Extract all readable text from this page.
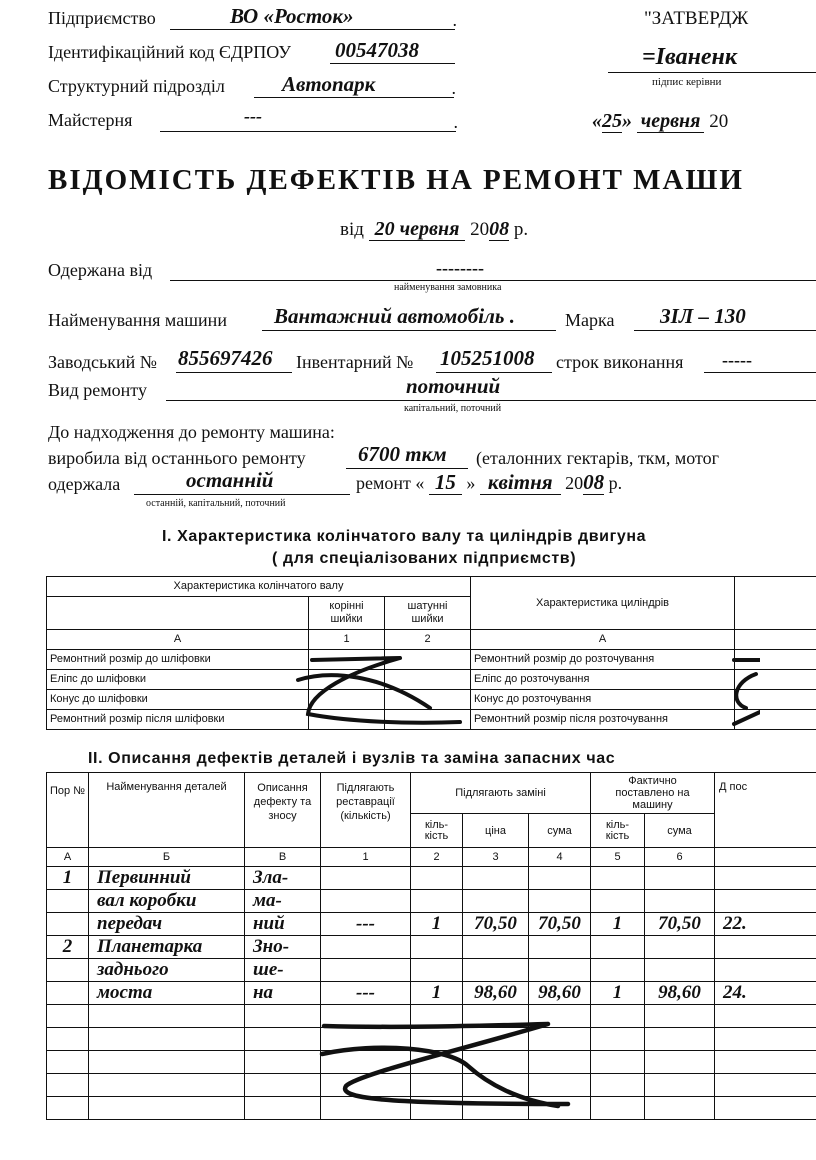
Підприємство	ВО «Росток»	.
Ідентифікаційний код ЄДРПОУ 00547038
Структурний підрозділ	Автопарк	.
Майстерня	---	.
"ЗАТВЕРДЖ
=Іваненк
підпис керівни
«25» червня 20
ВІДОМІСТЬ ДЕФЕКТІВ НА РЕМОНТ МАШИ
від 20 червня 2008 р.
Одержана від	--------
найменування замовника
Найменування машини Вантажний автомобіль .	Марка ЗІЛ – 130
Заводський № 855697426 Інвентарний № 105251008 строк виконання -----
Вид ремонту	поточний
капітальний, поточний
До надходження до ремонту машина:
виробила від останнього ремонту 6700 ткм (еталонних гектарів, ткм, мотог
одержала	останній
останній, капітальний, поточний
ремонт « 15 » квітня 2008 р.
I. Характеристика колінчатого валу та циліндрів двигуна
( для спеціалізованих підприємств)
Характеристика колінчатого валу			Характеристика циліндрів	
	корінні шийки	шатунні шийки		
А	1	2	А	
Ремонтний розмір до шліфовки			Ремонтний розмір до розточування	
Еліпс до шліфовки			Еліпс до розточування	
Конус до шліфовки			Конус до розточування	
Ремонтний розмір після шліфовки			Ремонтний розмір після розточування	
II. Описання дефектів деталей і вузлів та заміна запасних час
Пор №	Найменування деталей	Описання дефекту та зносу	Підлягають реставрації (кількість)	Підлягають заміні			Фактично поставлено на машину		Д пос
				кіль-кість	ціна	сума	кіль-кість	сума	
А	Б	В	1	2	3	4	5	6	
1	Первинний	Зла-							
	вал коробки	ма-							
	передач	ний	---	1	70,50	70,50	1	70,50	22.
2	Планетарка	Зно-							
	заднього	ше-							
	моста	на	---	1	98,60	98,60	1	98,60	24.
